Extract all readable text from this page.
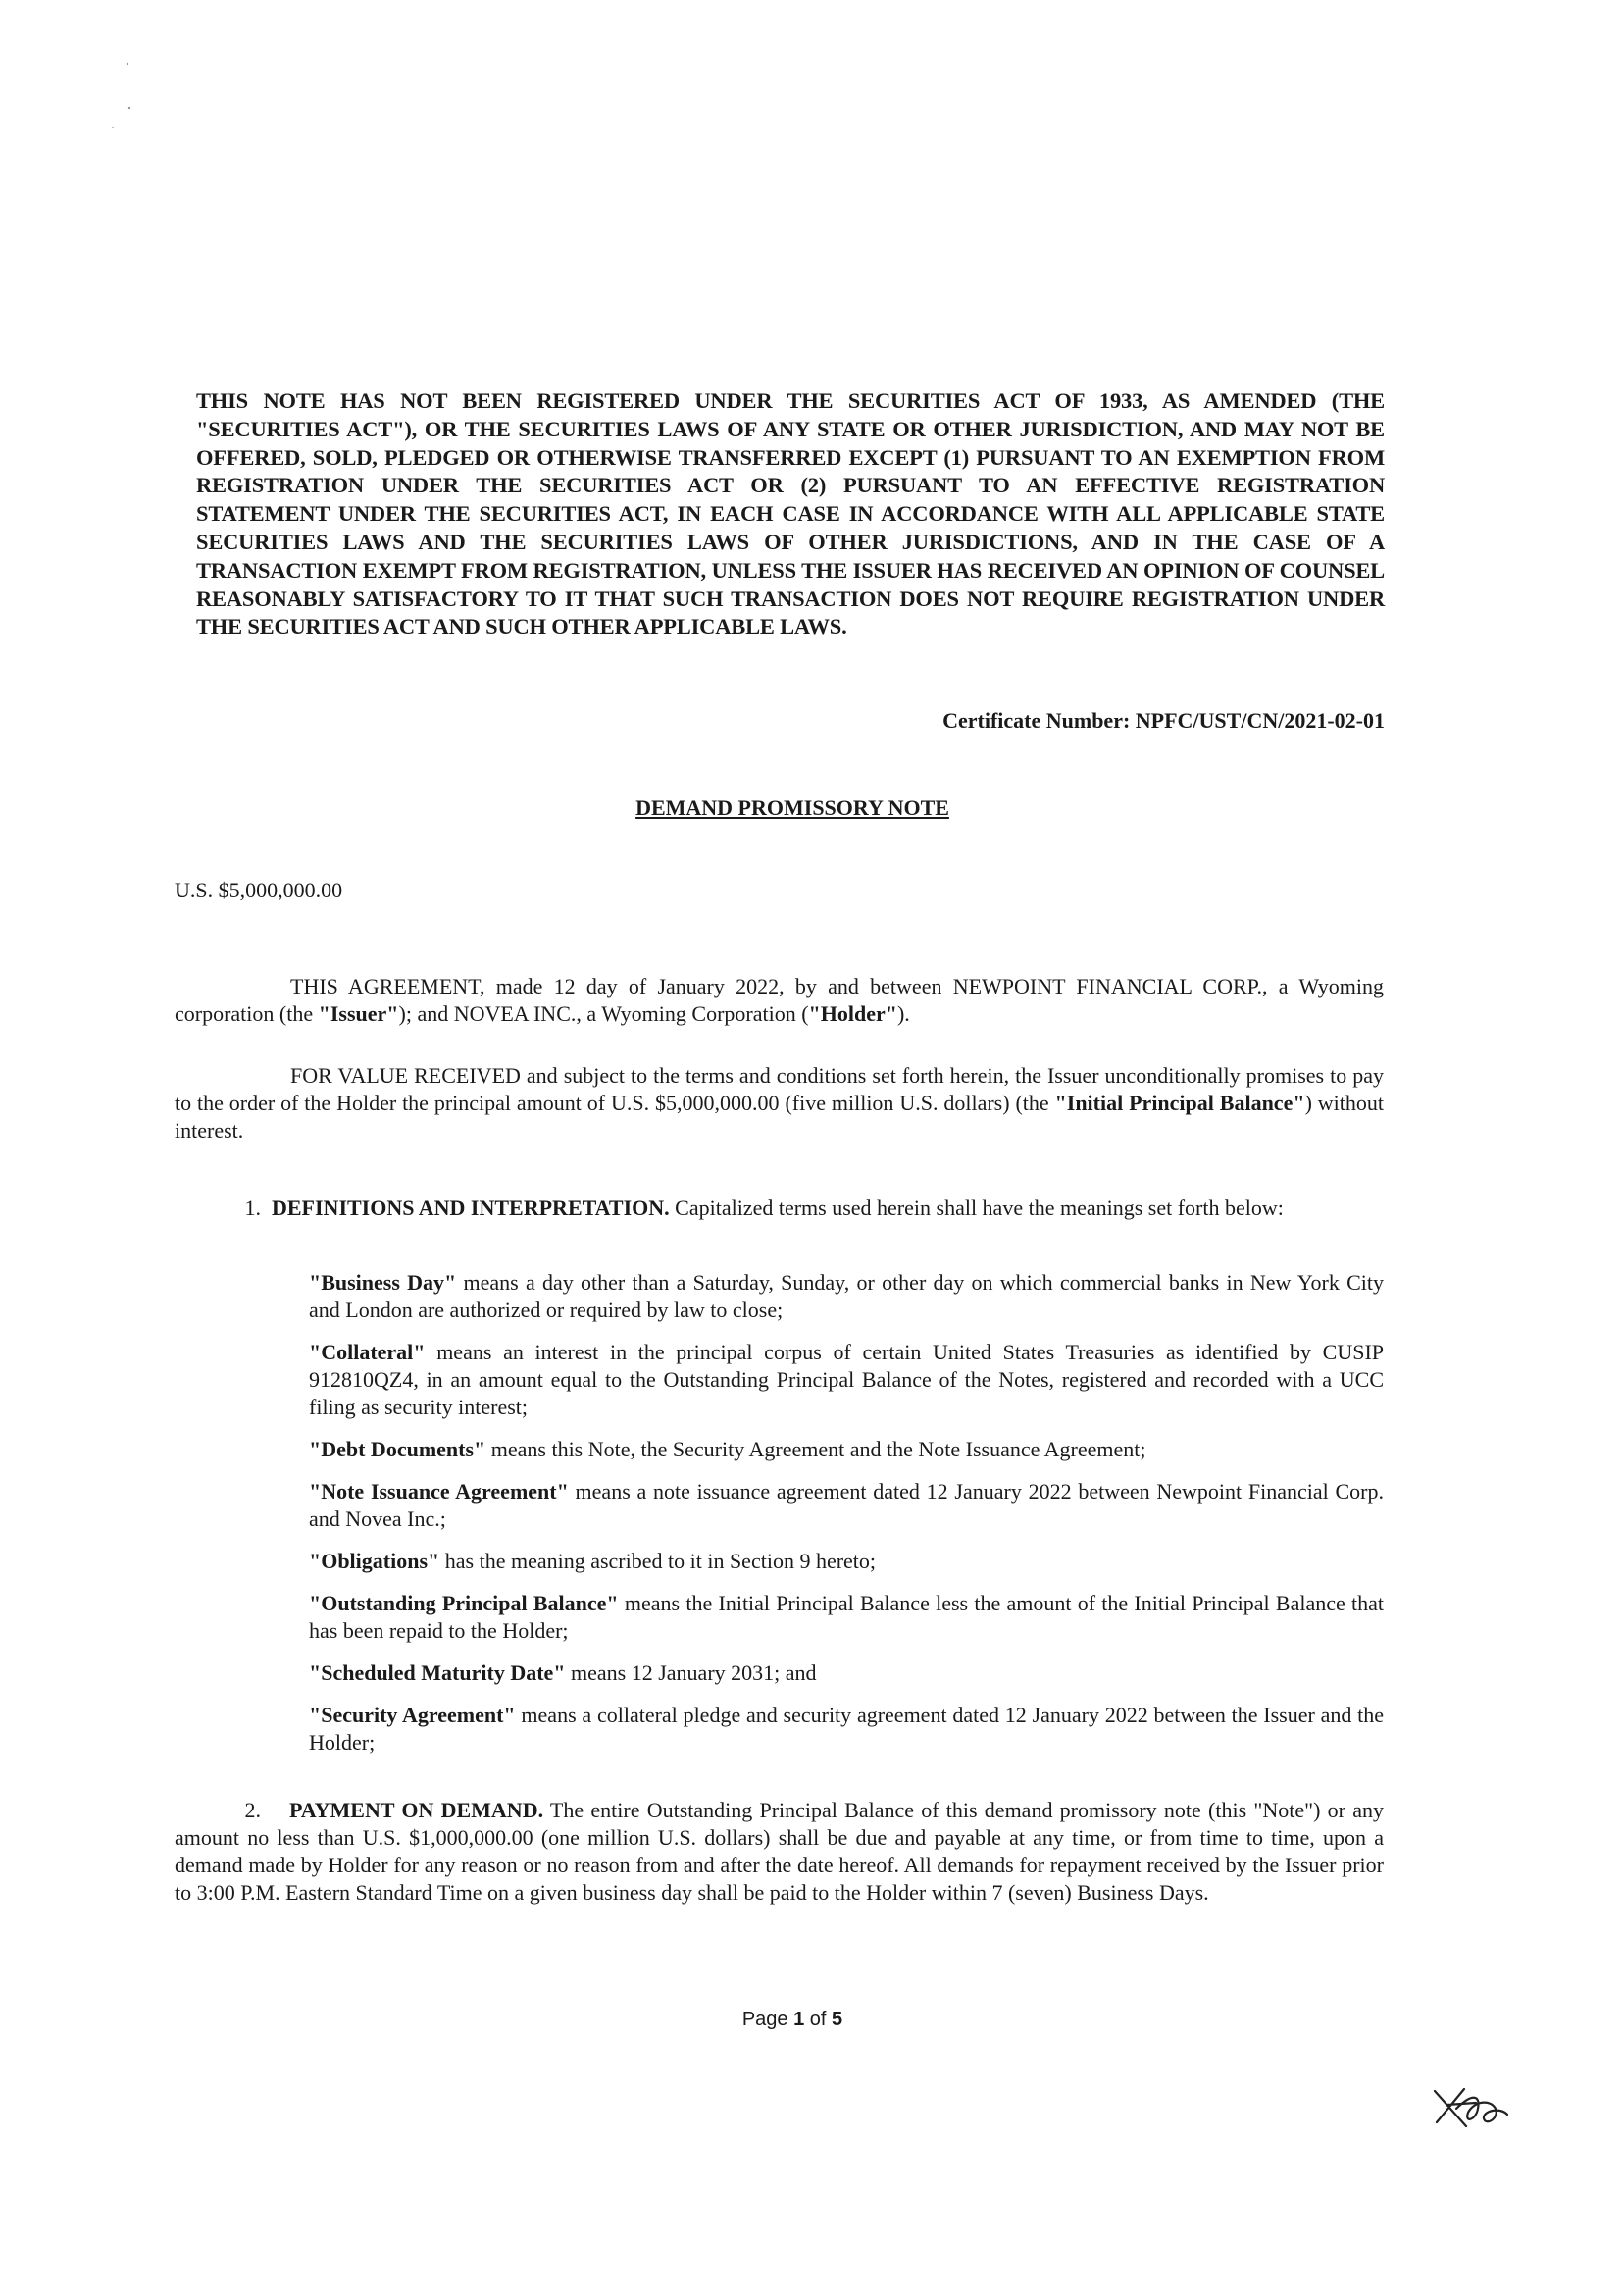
THIS NOTE HAS NOT BEEN REGISTERED UNDER THE SECURITIES ACT OF 1933, AS AMENDED (THE "SECURITIES ACT"), OR THE SECURITIES LAWS OF ANY STATE OR OTHER JURISDICTION, AND MAY NOT BE OFFERED, SOLD, PLEDGED OR OTHERWISE TRANSFERRED EXCEPT (1) PURSUANT TO AN EXEMPTION FROM REGISTRATION UNDER THE SECURITIES ACT OR (2) PURSUANT TO AN EFFECTIVE REGISTRATION STATEMENT UNDER THE SECURITIES ACT, IN EACH CASE IN ACCORDANCE WITH ALL APPLICABLE STATE SECURITIES LAWS AND THE SECURITIES LAWS OF OTHER JURISDICTIONS, AND IN THE CASE OF A TRANSACTION EXEMPT FROM REGISTRATION, UNLESS THE ISSUER HAS RECEIVED AN OPINION OF COUNSEL REASONABLY SATISFACTORY TO IT THAT SUCH TRANSACTION DOES NOT REQUIRE REGISTRATION UNDER THE SECURITIES ACT AND SUCH OTHER APPLICABLE LAWS.
Certificate Number: NPFC/UST/CN/2021-02-01
DEMAND PROMISSORY NOTE
U.S. $5,000,000.00

THIS AGREEMENT, made 12 day of January 2022, by and between NEWPOINT FINANCIAL CORP., a Wyoming corporation (the "Issuer"); and NOVEA INC., a Wyoming Corporation ("Holder").

FOR VALUE RECEIVED and subject to the terms and conditions set forth herein, the Issuer unconditionally promises to pay to the order of the Holder the principal amount of U.S. $5,000,000.00 (five million U.S. dollars) (the "Initial Principal Balance") without interest.

1. DEFINITIONS AND INTERPRETATION. Capitalized terms used herein shall have the meanings set forth below:

"Business Day" means a day other than a Saturday, Sunday, or other day on which commercial banks in New York City and London are authorized or required by law to close;

"Collateral" means an interest in the principal corpus of certain United States Treasuries as identified by CUSIP 912810QZ4, in an amount equal to the Outstanding Principal Balance of the Notes, registered and recorded with a UCC filing as security interest;

"Debt Documents" means this Note, the Security Agreement and the Note Issuance Agreement;

"Note Issuance Agreement" means a note issuance agreement dated 12 January 2022 between Newpoint Financial Corp. and Novea Inc.;

"Obligations" has the meaning ascribed to it in Section 9 hereto;

"Outstanding Principal Balance" means the Initial Principal Balance less the amount of the Initial Principal Balance that has been repaid to the Holder;

"Scheduled Maturity Date" means 12 January 2031; and

"Security Agreement" means a collateral pledge and security agreement dated 12 January 2022 between the Issuer and the Holder;

2. PAYMENT ON DEMAND. The entire Outstanding Principal Balance of this demand promissory note (this "Note") or any amount no less than U.S. $1,000,000.00 (one million U.S. dollars) shall be due and payable at any time, or from time to time, upon a demand made by Holder for any reason or no reason from and after the date hereof. All demands for repayment received by the Issuer prior to 3:00 P.M. Eastern Standard Time on a given business day shall be paid to the Holder within 7 (seven) Business Days.

Page 1 of 5
